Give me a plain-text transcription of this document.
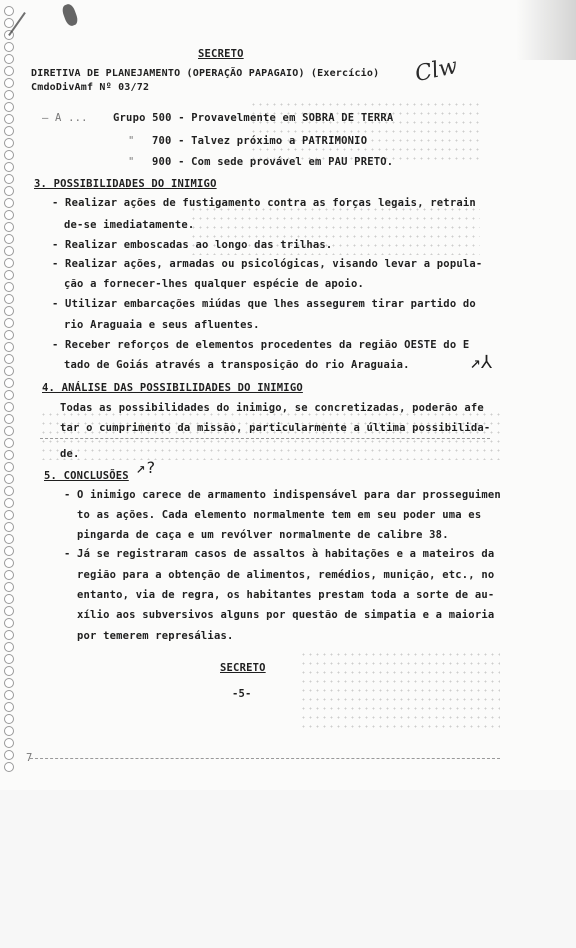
SECRETO
DIRETIVA DE PLANEJAMENTO (OPERAÇÃO PAPAGAIO) (Exercício)
CmdoDivAmf Nº 03/72
Clw
— A ... Grupo 500 - Provavelmente em SOBRA DE TERRA
" 700 - Talvez próximo a PATRIMONIO
" 900 - Com sede provável em PAU PRETO.
3. POSSIBILIDADES DO INIMIGO
- Realizar ações de fustigamento contra as forças legais, retrain
de-se imediatamente.
- Realizar emboscadas ao longo das trilhas.
- Realizar ações, armadas ou psicológicas, visando levar a popula-
ção a fornecer-lhes qualquer espécie de apoio.
- Utilizar embarcações miúdas que lhes assegurem tirar partido do
rio Araguaia e seus afluentes.
- Receber reforços de elementos procedentes da região OESTE do E
tado de Goiás através a transposição do rio Araguaia.	↗⅄
4. ANÁLISE DAS POSSIBILIDADES DO INIMIGO
Todas as possibilidades do inimigo, se concretizadas, poderão afe
tar o cumprimento da missão, particularmente a última possibilida-
de.
5. CONCLUSÕES ↗?
- O inimigo carece de armamento indispensável para dar prosseguimen
to as ações. Cada elemento normalmente tem em seu poder uma es
pingarda de caça e um revólver normalmente de calibre 38.
- Já se registraram casos de assaltos à habitações e a mateiros da
região para a obtenção de alimentos, remédios, munição, etc., no
entanto, via de regra, os habitantes prestam toda a sorte de au-
xílio aos subversivos alguns por questão de simpatia e a maioria
por temerem represálias.
SECRETO
-5-
7
